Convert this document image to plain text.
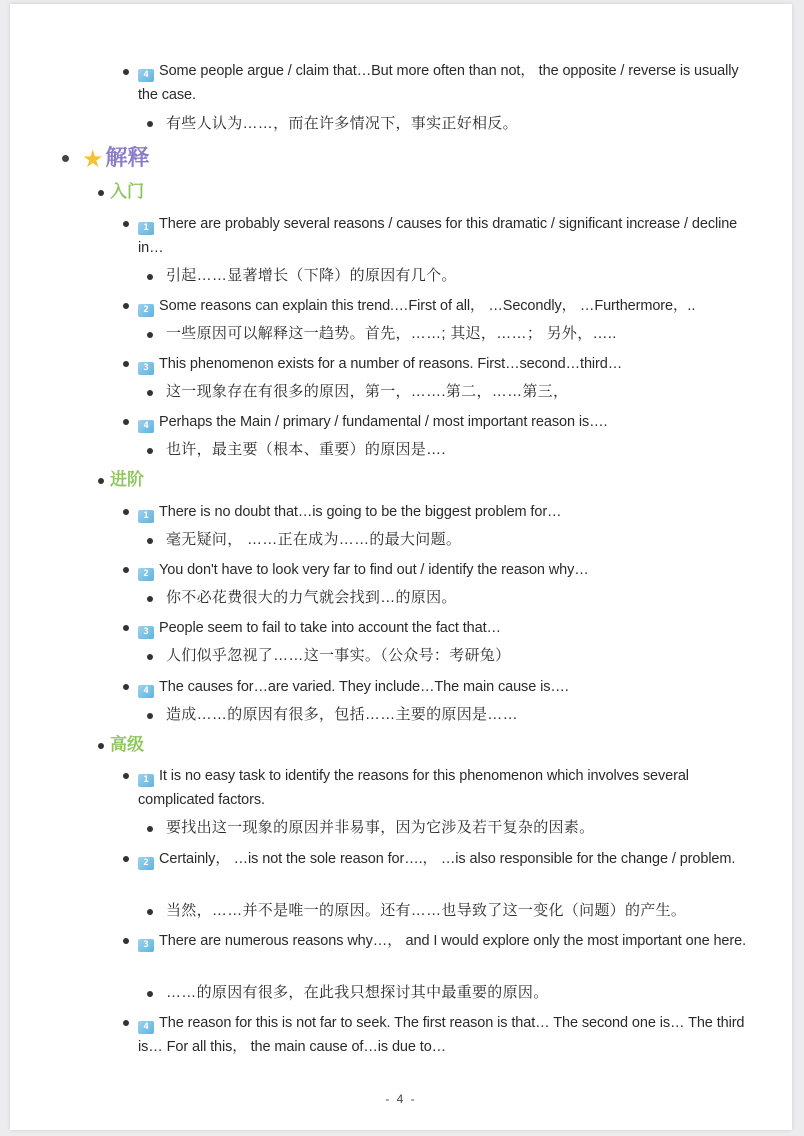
4 Some people argue / claim that…But more often than not， the opposite / reverse is usually the case.
有些人认为……，而在许多情况下，事实正好相反。
★解释
入门
1 There are probably several reasons / causes for this dramatic / significant increase / decline in…
引起……显著增长（下降）的原因有几个。
2 Some reasons can explain this trend.…First of all， …Secondly， …Furthermore，..
一些原因可以解释这一趋势。首先，……; 其迟，……； 另外，…..
3 This phenomenon exists for a number of reasons. First…second…third…
这一现象存在有很多的原因，第一，…….第二，……第三，
4 Perhaps the Main / primary / fundamental / most important reason is….
也许，最主要（根本、重要）的原因是….
进阶
1 There is no doubt that…is going to be the biggest problem for…
毫无疑问， ……正在成为……的最大问题。
2 You don't have to look very far to find out / identify the reason why…
你不必花费很大的力气就会找到…的原因。
3 People seem to fail to take into account the fact that…
人们似乎忽视了……这一事实。（公众号：考研兔）
4 The causes for…are varied. They include…The main cause is….
造成……的原因有很多，包括……主要的原因是……
高级
1 It is no easy task to identify the reasons for this phenomenon which involves several complicated factors.
要找出这一现象的原因并非易事，因为它涉及若干复杂的因素。
2 Certainly， …is not the sole reason for….， …is also responsible for the change / problem.
当然，……并不是唯一的原因。还有……也导致了这一变化（问题）的产生。
3 There are numerous reasons why…， and I would explore only the most important one here.
……的原因有很多，在此我只想探讨其中最重要的原因。
4 The reason for this is not far to seek. The first reason is that… The second one is… The third is… For all this， the main cause of…is due to…
- 4 -
